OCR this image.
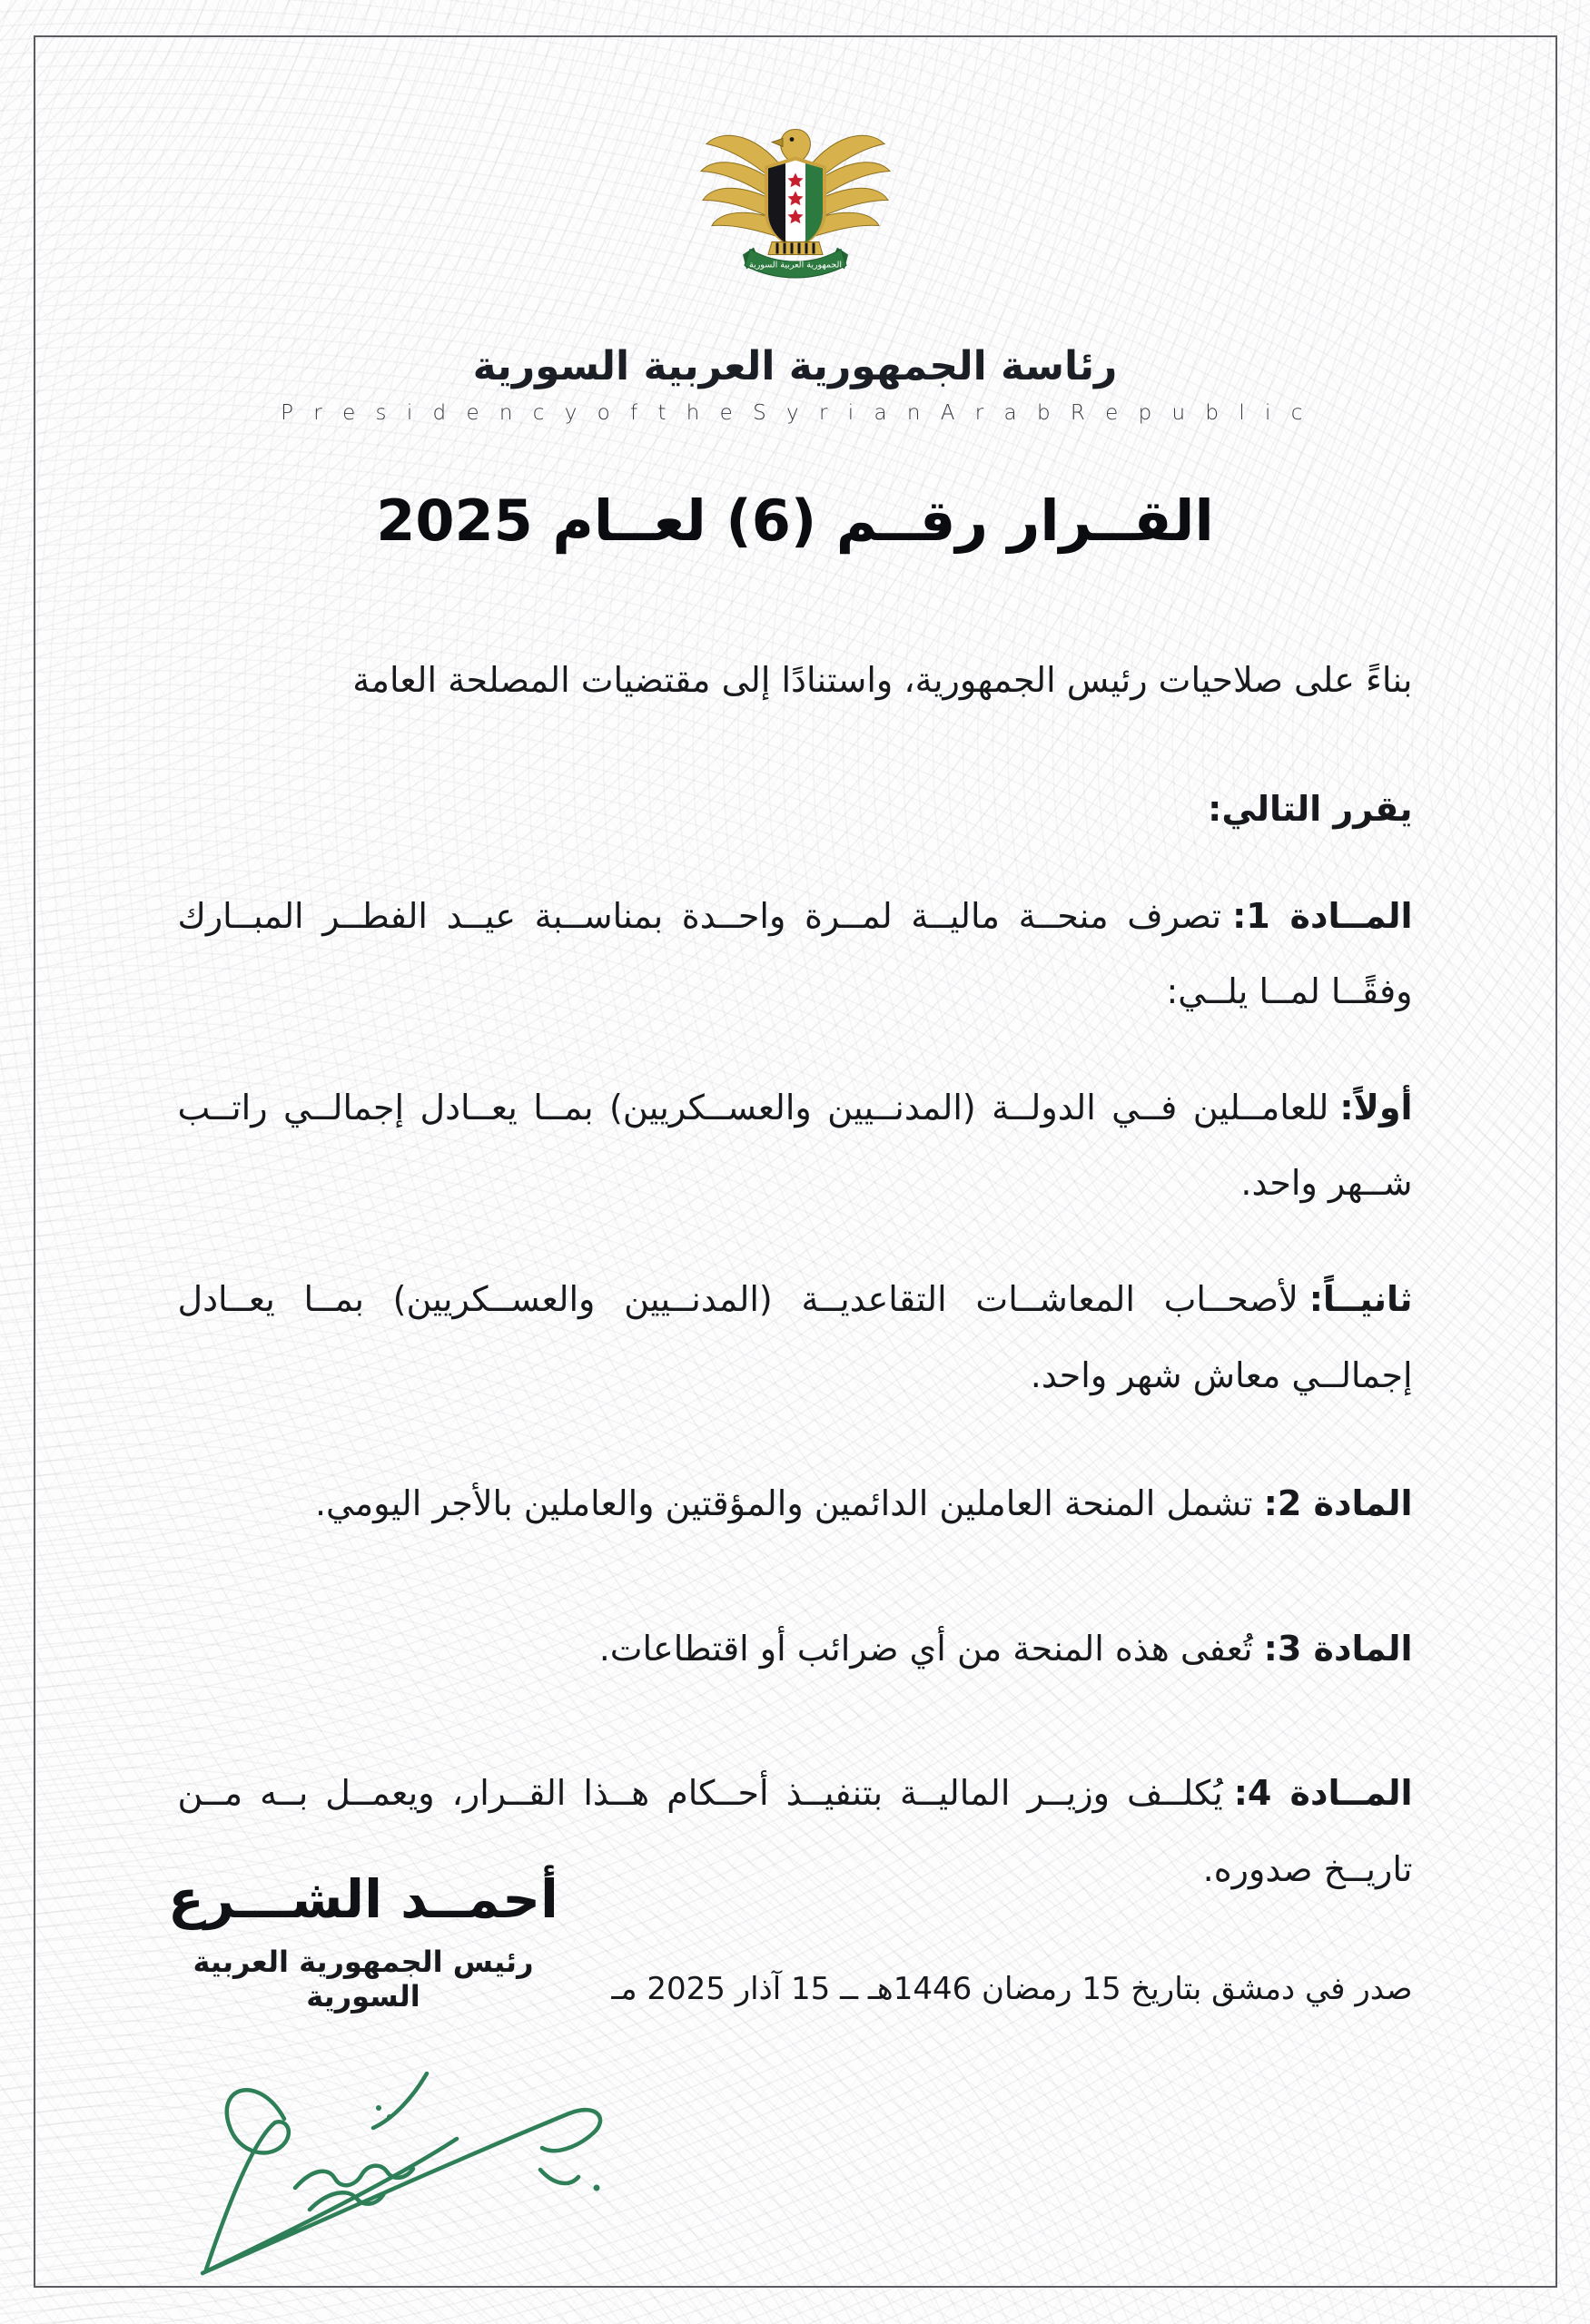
الجمهورية العربية السورية
رئاسة الجمهورية العربية السورية
P r e s i d e n c y o f t h e S y r i a n A r a b R e p u b l i c
القــرار رقــم (6) لعــام 2025

بناءً على صلاحيات رئيس الجمهورية، واستنادًا إلى مقتضيات المصلحة العامة

يقرر التالي:

المــادة 1:تصرف منحــة ماليــة لمــرة واحــدة بمناســبة عيــد الفطــر المبــارك وفقًــا لمــا يلــي:

أولاً:للعامــلين فــي الدولــة (المدنــيين والعســكريين) بمــا يعــادل إجمالــي راتــب شــهر واحد.

ثانيــاً:لأصحــاب المعاشــات التقاعديــة (المدنــيين والعســكريين) بمــا يعــادل إجمالــي معاش شهر واحد.

المادة 2:تشمل المنحة العاملين الدائمين والمؤقتين والعاملين بالأجر اليومي.

المادة 3:تُعفى هذه المنحة من أي ضرائب أو اقتطاعات.

المــادة 4:يُكلــف وزيــر الماليــة بتنفيــذ أحــكام هــذا القــرار، ويعمــل بــه مــن تاريــخ صدوره.

صدر في دمشق بتاريخ 15 رمضان 1446هـ ــ 15 آذار 2025 مـ

أحمــد الشـــرع
رئيس الجمهورية العربية السورية
